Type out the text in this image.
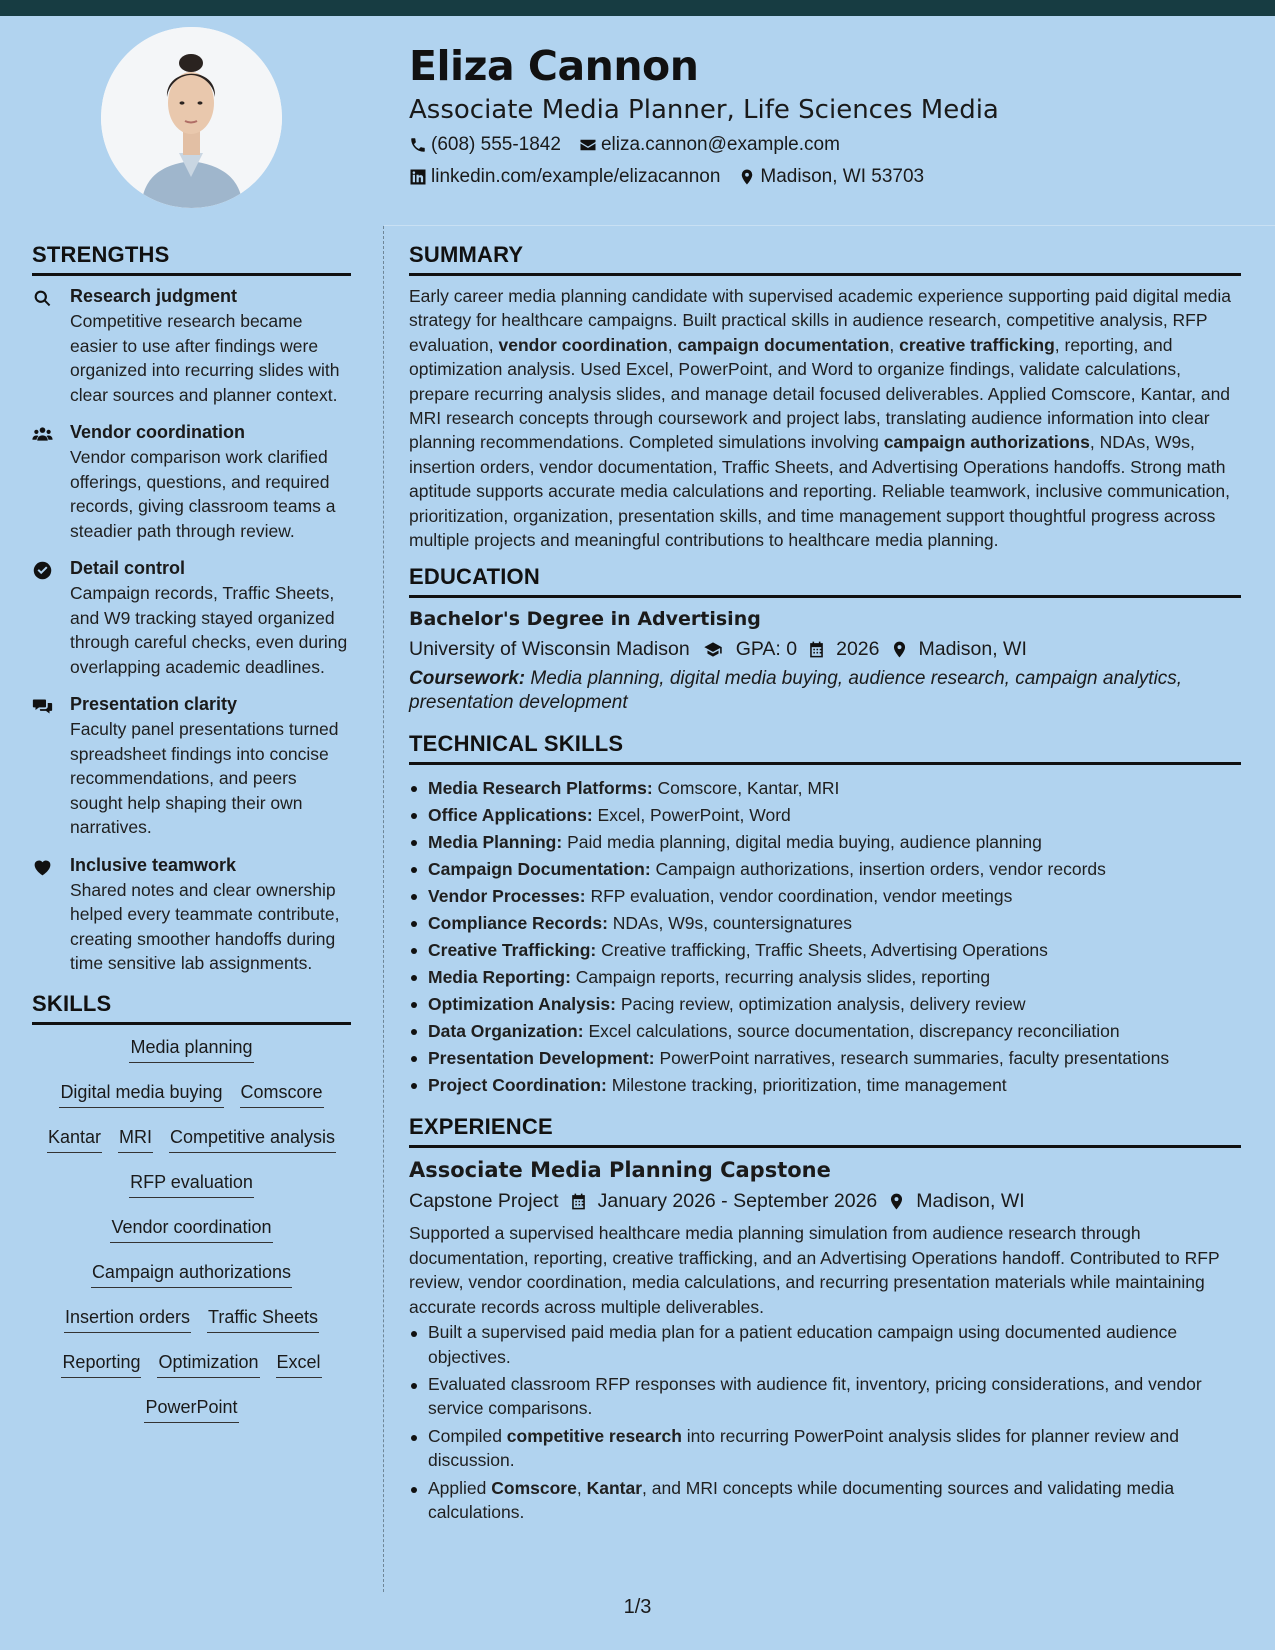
Eliza Cannon
Associate Media Planner, Life Sciences Media
(608) 555-1842 eliza.cannon@example.com
linkedin.com/example/elizacannon Madison, WI 53703
STRENGTHS
Research judgment
Competitive research became easier to use after findings were organized into recurring slides with clear sources and planner context.
Vendor coordination
Vendor comparison work clarified offerings, questions, and required records, giving classroom teams a steadier path through review.
Detail control
Campaign records, Traffic Sheets, and W9 tracking stayed organized through careful checks, even during overlapping academic deadlines.
Presentation clarity
Faculty panel presentations turned spreadsheet findings into concise recommendations, and peers sought help shaping their own narratives.
Inclusive teamwork
Shared notes and clear ownership helped every teammate contribute, creating smoother handoffs during time sensitive lab assignments.
SKILLS
Media planning
Digital media buying Comscore
Kantar MRI Competitive analysis
RFP evaluation
Vendor coordination
Campaign authorizations
Insertion orders Traffic Sheets
Reporting Optimization Excel
PowerPoint
SUMMARY

Early career media planning candidate with supervised academic experience supporting paid digital media strategy for healthcare campaigns. Built practical skills in audience research, competitive analysis, RFP evaluation, vendor coordination, campaign documentation, creative trafficking, reporting, and optimization analysis. Used Excel, PowerPoint, and Word to organize findings, validate calculations, prepare recurring analysis slides, and manage detail focused deliverables. Applied Comscore, Kantar, and MRI research concepts through coursework and project labs, translating audience information into clear planning recommendations. Completed simulations involving campaign authorizations, NDAs, W9s, insertion orders, vendor documentation, Traffic Sheets, and Advertising Operations handoffs. Strong math aptitude supports accurate media calculations and reporting. Reliable teamwork, inclusive communication, prioritization, organization, presentation skills, and time management support thoughtful progress across multiple projects and meaningful contributions to healthcare media planning.

EDUCATION
Bachelor's Degree in Advertising
University of Wisconsin Madison GPA: 0 2026 Madison, WI
Coursework: Media planning, digital media buying, audience research, campaign analytics, presentation development
TECHNICAL SKILLS
Media Research Platforms: Comscore, Kantar, MRI
Office Applications: Excel, PowerPoint, Word
Media Planning: Paid media planning, digital media buying, audience planning
Campaign Documentation: Campaign authorizations, insertion orders, vendor records
Vendor Processes: RFP evaluation, vendor coordination, vendor meetings
Compliance Records: NDAs, W9s, countersignatures
Creative Trafficking: Creative trafficking, Traffic Sheets, Advertising Operations
Media Reporting: Campaign reports, recurring analysis slides, reporting
Optimization Analysis: Pacing review, optimization analysis, delivery review
Data Organization: Excel calculations, source documentation, discrepancy reconciliation
Presentation Development: PowerPoint narratives, research summaries, faculty presentations
Project Coordination: Milestone tracking, prioritization, time management
EXPERIENCE
Associate Media Planning Capstone
Capstone Project January 2026 - September 2026 Madison, WI

Supported a supervised healthcare media planning simulation from audience research through documentation, reporting, creative trafficking, and an Advertising Operations handoff. Contributed to RFP review, vendor coordination, media calculations, and recurring presentation materials while maintaining accurate records across multiple deliverables.

Built a supervised paid media plan for a patient education campaign using documented audience objectives.
Evaluated classroom RFP responses with audience fit, inventory, pricing considerations, and vendor service comparisons.
Compiled competitive research into recurring PowerPoint analysis slides for planner review and discussion.
Applied Comscore, Kantar, and MRI concepts while documenting sources and validating media calculations.
1/3
